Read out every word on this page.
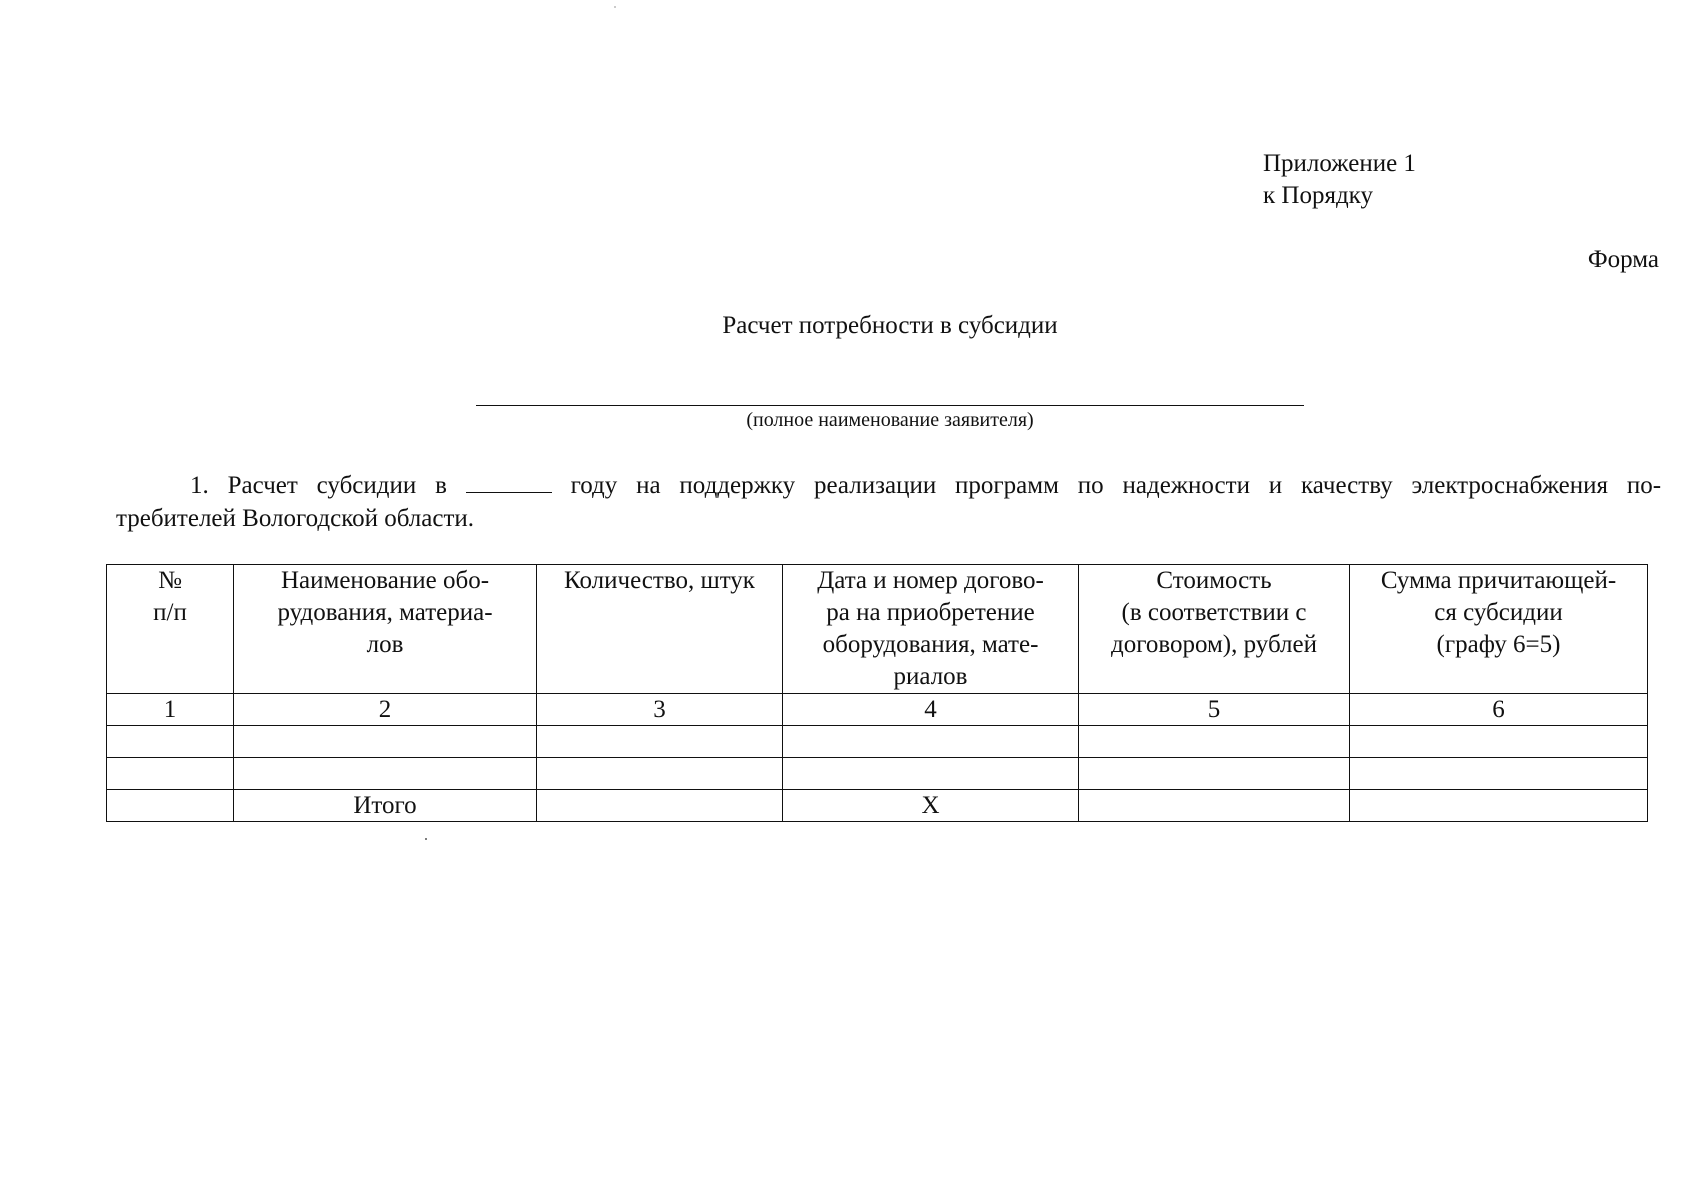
Приложение 1
к Порядку
Форма
Расчет потребности в субсидии
(полное наименование заявителя)
1. Расчет субсидии в	году на поддержку реализации программ по надежности и качеству электроснабжения по-
требителей Вологодской области.
№
п/п	Наименование обо-
рудования, материа-
лов	Количество, штук	Дата и номер догово-
ра на приобретение
оборудования, мате-
риалов	Стоимость
(в соответствии с
договором), рублей	Сумма причитающей-
ся субсидии
(графу 6=5)
1	2	3	4	5	6

	Итого		X		
